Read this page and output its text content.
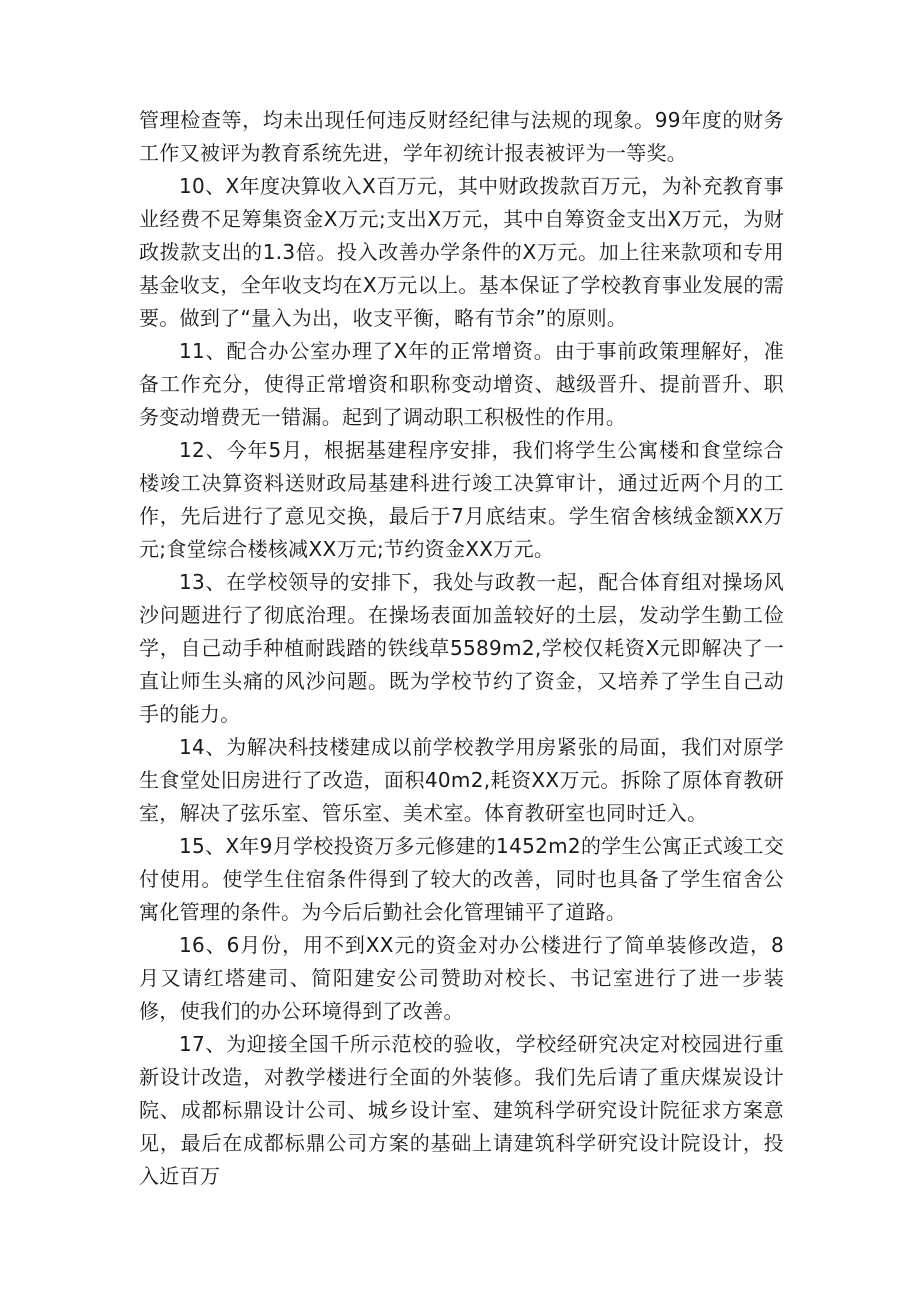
管理检查等，均未出现任何违反财经纪律与法规的现象。99年度的财务工作又被评为教育系统先进，学年初统计报表被评为一等奖。

10、X年度决算收入X百万元，其中财政拨款百万元，为补充教育事业经费不足筹集资金X万元;支出X万元，其中自筹资金支出X万元，为财政拨款支出的1.3倍。投入改善办学条件的X万元。加上往来款项和专用基金收支，全年收支均在X万元以上。基本保证了学校教育事业发展的需要。做到了“量入为出，收支平衡，略有节余”的原则。

11、配合办公室办理了X年的正常增资。由于事前政策理解好，准备工作充分，使得正常增资和职称变动增资、越级晋升、提前晋升、职务变动增费无一错漏。起到了调动职工积极性的作用。

12、今年5月，根据基建程序安排，我们将学生公寓楼和食堂综合楼竣工决算资料送财政局基建科进行竣工决算审计，通过近两个月的工作，先后进行了意见交换，最后于7月底结束。学生宿舍核绒金额XX万元;食堂综合楼核减XX万元;节约资金XX万元。

13、在学校领导的安排下，我处与政教一起，配合体育组对操场风沙问题进行了彻底治理。在操场表面加盖较好的土层，发动学生勤工俭学，自己动手种植耐践踏的铁线草5589m2,学校仅耗资X元即解决了一直让师生头痛的风沙问题。既为学校节约了资金，又培养了学生自己动手的能力。

14、为解决科技楼建成以前学校教学用房紧张的局面，我们对原学生食堂处旧房进行了改造，面积40m2,耗资XX万元。拆除了原体育教研室，解决了弦乐室、管乐室、美术室。体育教研室也同时迁入。

15、X年9月学校投资万多元修建的1452m2的学生公寓正式竣工交付使用。使学生住宿条件得到了较大的改善，同时也具备了学生宿舍公寓化管理的条件。为今后后勤社会化管理铺平了道路。

16、6月份，用不到XX元的资金对办公楼进行了简单装修改造，8月又请红塔建司、简阳建安公司赞助对校长、书记室进行了进一步装修，使我们的办公环境得到了改善。

17、为迎接全国千所示范校的验收，学校经研究决定对校园进行重新设计改造，对教学楼进行全面的外装修。我们先后请了重庆煤炭设计院、成都标鼎设计公司、城乡设计室、建筑科学研究设计院征求方案意见，最后在成都标鼎公司方案的基础上请建筑科学研究设计院设计，投入近百万
